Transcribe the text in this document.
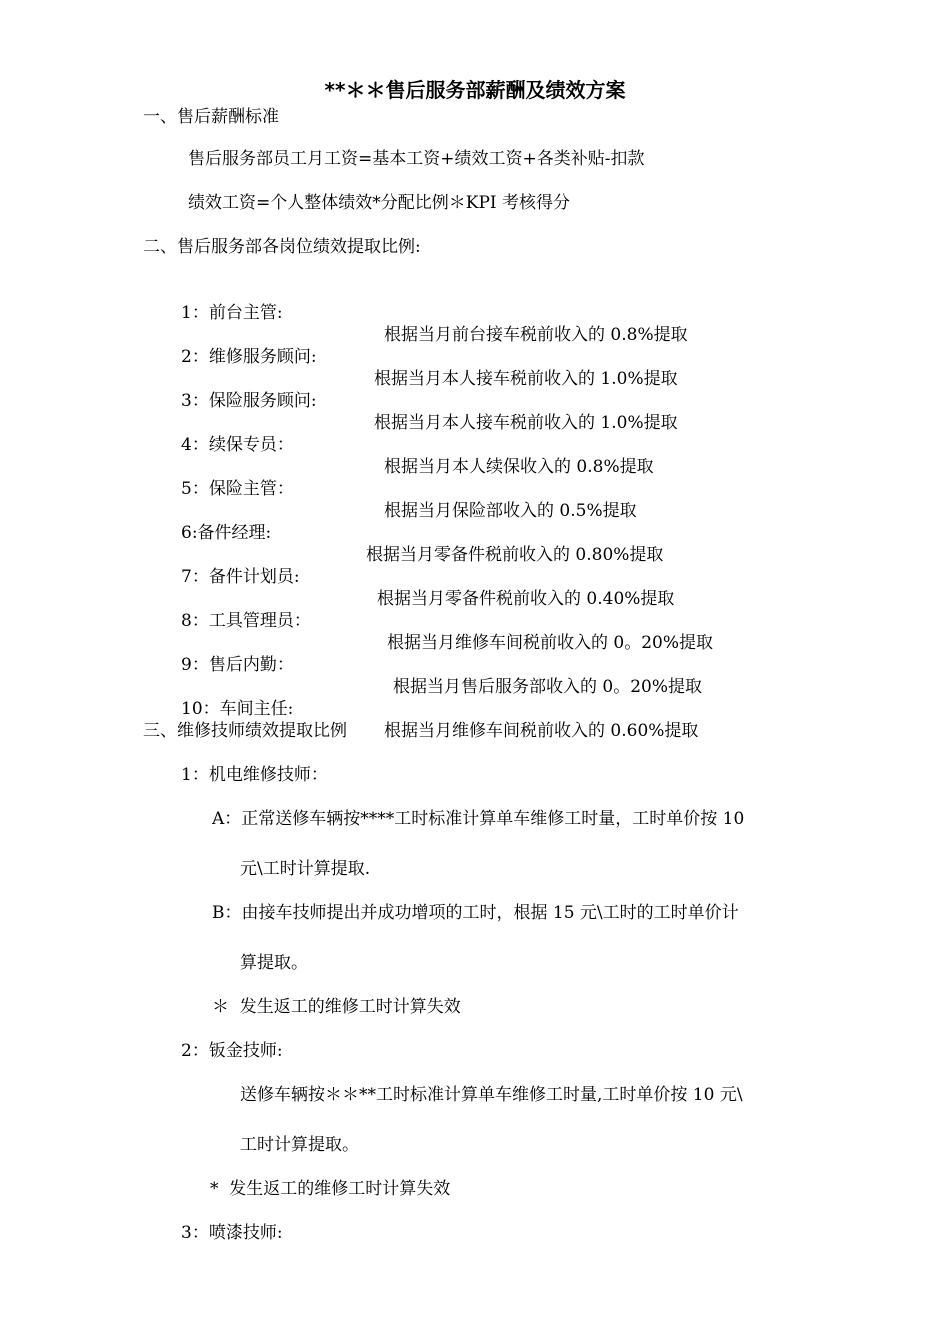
**＊＊售后服务部薪酬及绩效方案
一、售后薪酬标准
售后服务部员工月工资=基本工资+绩效工资+各类补贴-扣款
绩效工资=个人整体绩效*分配比例＊KPI 考核得分
二、售后服务部各岗位绩效提取比例:

1：前台主管:

根据当月前台接车税前收入的 0.8%提取

2：维修服务顾问:

根据当月本人接车税前收入的 1.0%提取

3：保险服务顾问:

根据当月本人接车税前收入的 1.0%提取

4：续保专员：

根据当月本人续保收入的 0.8%提取

5：保险主管：

根据当月保险部收入的 0.5%提取

6:备件经理:

根据当月零备件税前收入的 0.80%提取

7：备件计划员:

根据当月零备件税前收入的 0.40%提取

8：工具管理员：

根据当月维修车间税前收入的 0。20%提取

9：售后内勤：

根据当月售后服务部收入的 0。20%提取

10：车间主任:

根据当月维修车间税前收入的 0.60%提取

三、维修技师绩效提取比例
1：机电维修技师：
A：正常送修车辆按****工时标准计算单车维修工时量，工时单价按 10
元\工时计算提取.
B：由接车技师提出并成功增项的工时，根据 15 元\工时的工时单价计
算提取。
＊  发生返工的维修工时计算失效
2：钣金技师:
送修车辆按＊＊**工时标准计算单车维修工时量,工时单价按 10 元\
工时计算提取。
*  发生返工的维修工时计算失效
3：喷漆技师:
